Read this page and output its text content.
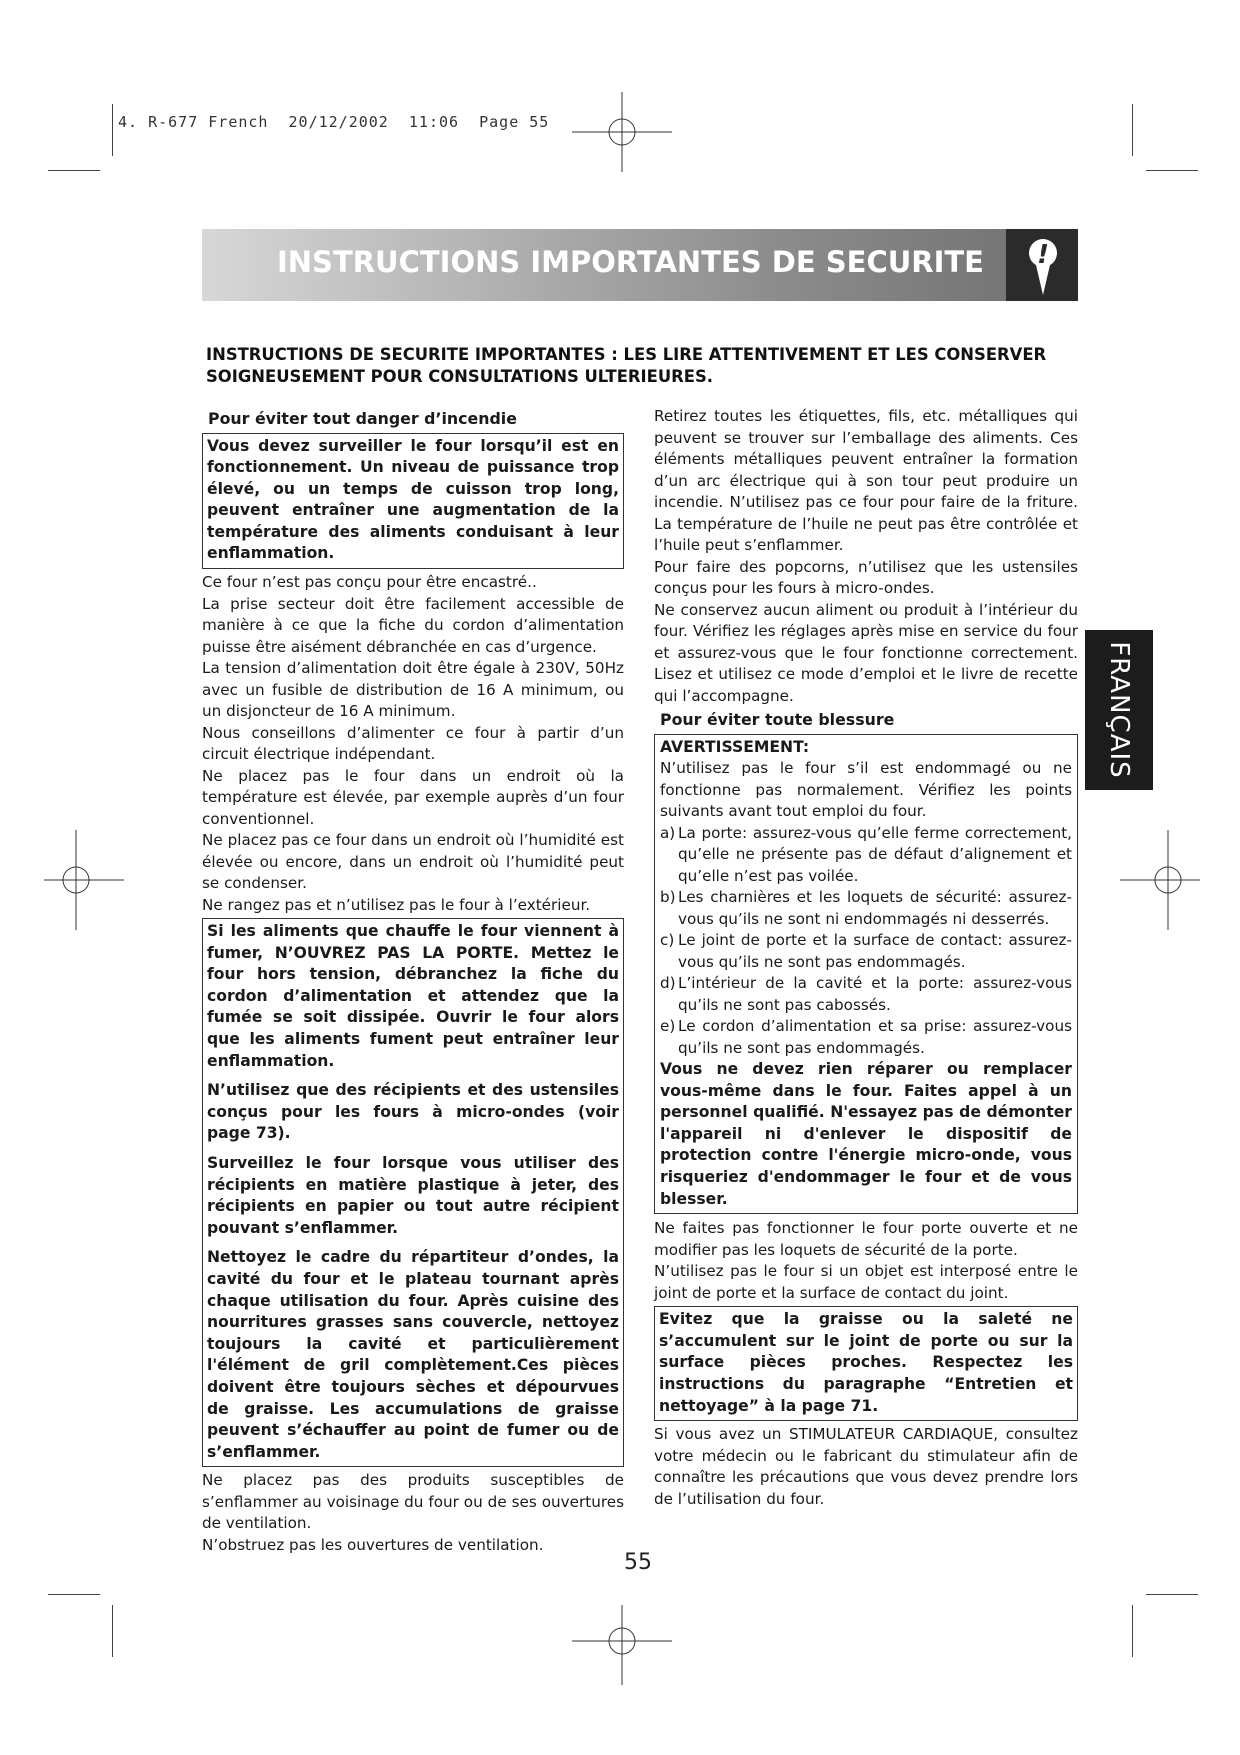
4. R-677 French  20/12/2002  11:06  Page 55
INSTRUCTIONS IMPORTANTES DE SECURITE !

INSTRUCTIONS DE SECURITE IMPORTANTES : LES LIRE ATTENTIVEMENT ET LES CONSERVER SOIGNEUSEMENT POUR CONSULTATIONS ULTERIEURES.

Pour éviter tout danger d’incendie

Vous devez surveiller le four lorsqu’il est en fonctionnement. Un niveau de puissance trop élevé, ou un temps de cuisson trop long, peuvent entraîner une augmentation de la température des aliments conduisant à leur enflammation.

Ce four n’est pas conçu pour être encastré..

La prise secteur doit être facilement accessible de manière à ce que la fiche du cordon d’alimentation puisse être aisément débranchée en cas d’urgence.

La tension d’alimentation doit être égale à 230V, 50Hz avec un fusible de distribution de 16 A minimum, ou un disjoncteur de 16 A minimum.

Nous conseillons d’alimenter ce four à partir d’un circuit électrique indépendant.

Ne placez pas le four dans un endroit où la température est élevée, par exemple auprès d’un four conventionnel.

Ne placez pas ce four dans un endroit où l’humidité est élevée ou encore, dans un endroit où l’humidité peut se condenser.

Ne rangez pas et n’utilisez pas le four à l’extérieur.

Si les aliments que chauffe le four viennent à fumer, N’OUVREZ PAS LA PORTE. Mettez le four hors tension, débranchez la fiche du cordon d’alimentation et attendez que la fumée se soit dissipée. Ouvrir le four alors que les aliments fument peut entraîner leur enflammation.

N’utilisez que des récipients et des ustensiles conçus pour les fours à micro-ondes (voir page 73).

Surveillez le four lorsque vous utiliser des récipients en matière plastique à jeter, des récipients en papier ou tout autre récipient pouvant s’enflammer.

Nettoyez le cadre du répartiteur d’ondes, la cavité du four et le plateau tournant après chaque utilisation du four. Après cuisine des nourritures grasses sans couvercle, nettoyez toujours la cavité et particulièrement l'élément de gril complètement.Ces pièces doivent être toujours sèches et dépourvues de graisse. Les accumulations de graisse peuvent s’échauffer au point de fumer ou de s’enflammer.

Ne placez pas des produits susceptibles de s’enflammer au voisinage du four ou de ses ouvertures de ventilation.

N’obstruez pas les ouvertures de ventilation.

Retirez toutes les étiquettes, fils, etc. métalliques qui peuvent se trouver sur l’emballage des aliments. Ces éléments métalliques peuvent entraîner la formation d’un arc électrique qui à son tour peut produire un incendie. N’utilisez pas ce four pour faire de la friture. La température de l’huile ne peut pas être contrôlée et l’huile peut s’enflammer.

Pour faire des popcorns, n’utilisez que les ustensiles conçus pour les fours à micro-ondes.

Ne conservez aucun aliment ou produit à l’intérieur du four. Vérifiez les réglages après mise en service du four et assurez-vous que le four fonctionne correctement. Lisez et utilisez ce mode d’emploi et le livre de recette qui l’accompagne.

Pour éviter toute blessure

AVERTISSEMENT:

N’utilisez pas le four s’il est endommagé ou ne fonctionne pas normalement. Vérifiez les points suivants avant tout emploi du four.

a) La porte: assurez-vous qu’elle ferme correctement, qu’elle ne présente pas de défaut d’alignement et qu’elle n’est pas voilée.
b) Les charnières et les loquets de sécurité: assurez-vous qu’ils ne sont ni endommagés ni desserrés.
c) Le joint de porte et la surface de contact: assurez-vous qu’ils ne sont pas endommagés.
d) L’intérieur de la cavité et la porte: assurez-vous qu’ils ne sont pas cabossés.
e) Le cordon d’alimentation et sa prise: assurez-vous qu’ils ne sont pas endommagés.

Vous ne devez rien réparer ou remplacer vous-même dans le four. Faites appel à un personnel qualifié. N'essayez pas de démonter l'appareil ni d'enlever le dispositif de protection contre l'énergie micro-onde, vous risqueriez d'endommager le four et de vous blesser.

Ne faites pas fonctionner le four porte ouverte et ne modifier pas les loquets de sécurité de la porte.

N’utilisez pas le four si un objet est interposé entre le joint de porte et la surface de contact du joint.

Evitez que la graisse ou la saleté ne s’accumulent sur le joint de porte ou sur la surface pièces proches. Respectez les instructions du paragraphe “Entretien et nettoyage” à la page 71.

Si vous avez un STIMULATEUR CARDIAQUE, consultez votre médecin ou le fabricant du stimulateur afin de connaître les précautions que vous devez prendre lors de l’utilisation du four.

FRANÇAIS
55
